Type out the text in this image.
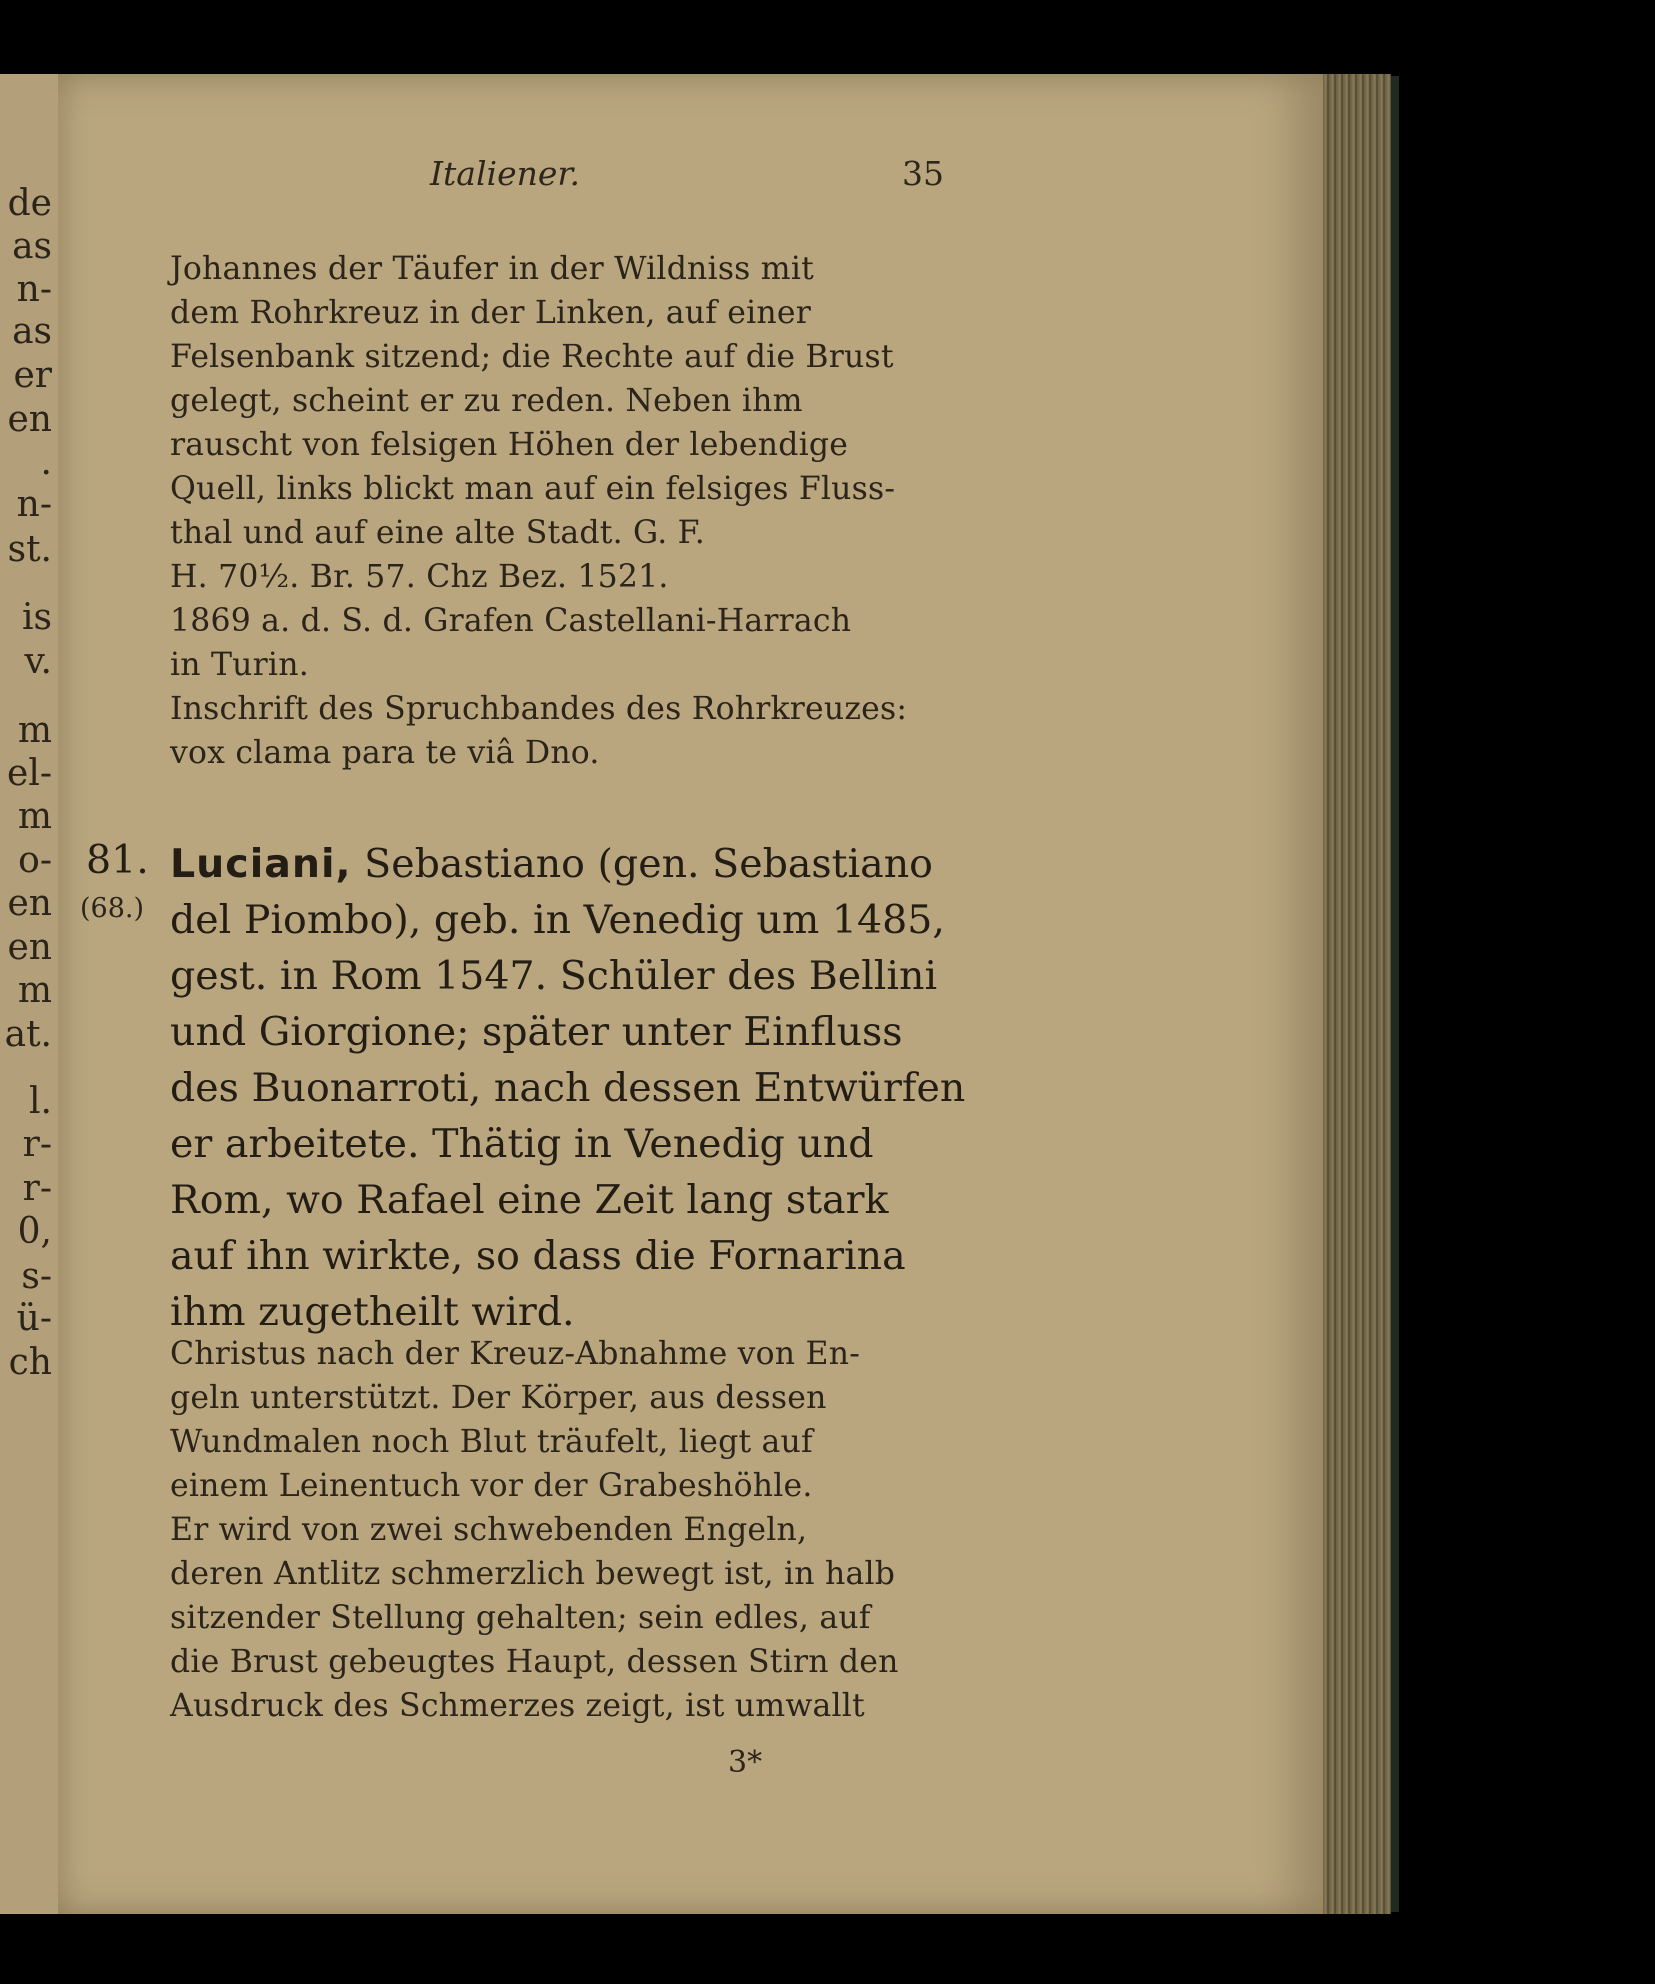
de
as
n-
as
er
en
.
n-
st.
is
v.
m
el-
m
o-
en
en
m
at.
l.
r-
r-
0,
s-
ü-
ch
Italiener.	35
Johannes der Täufer in der Wildniss mit
dem Rohrkreuz in der Linken, auf einer
Felsenbank sitzend; die Rechte auf die Brust
gelegt, scheint er zu reden. Neben ihm
rauscht von felsigen Höhen der lebendige
Quell, links blickt man auf ein felsiges Fluss-
thal und auf eine alte Stadt. G. F.
H. 70½. Br. 57. Chz Bez. 1521.
1869 a. d. S. d. Grafen Castellani-Harrach
in Turin.
Inschrift des Spruchbandes des Rohrkreuzes:
vox clama para te viâ Dno.
81.
(68.)
Luciani, Sebastiano (gen. Sebastiano
del Piombo), geb. in Venedig um 1485,
gest. in Rom 1547. Schüler des Bellini
und Giorgione; später unter Einfluss
des Buonarroti, nach dessen Entwürfen
er arbeitete. Thätig in Venedig und
Rom, wo Rafael eine Zeit lang stark
auf ihn wirkte, so dass die Fornarina
ihm zugetheilt wird.
Christus nach der Kreuz-Abnahme von En-
geln unterstützt. Der Körper, aus dessen
Wundmalen noch Blut träufelt, liegt auf
einem Leinentuch vor der Grabeshöhle.
Er wird von zwei schwebenden Engeln,
deren Antlitz schmerzlich bewegt ist, in halb
sitzender Stellung gehalten; sein edles, auf
die Brust gebeugtes Haupt, dessen Stirn den
Ausdruck des Schmerzes zeigt, ist umwallt
3*
